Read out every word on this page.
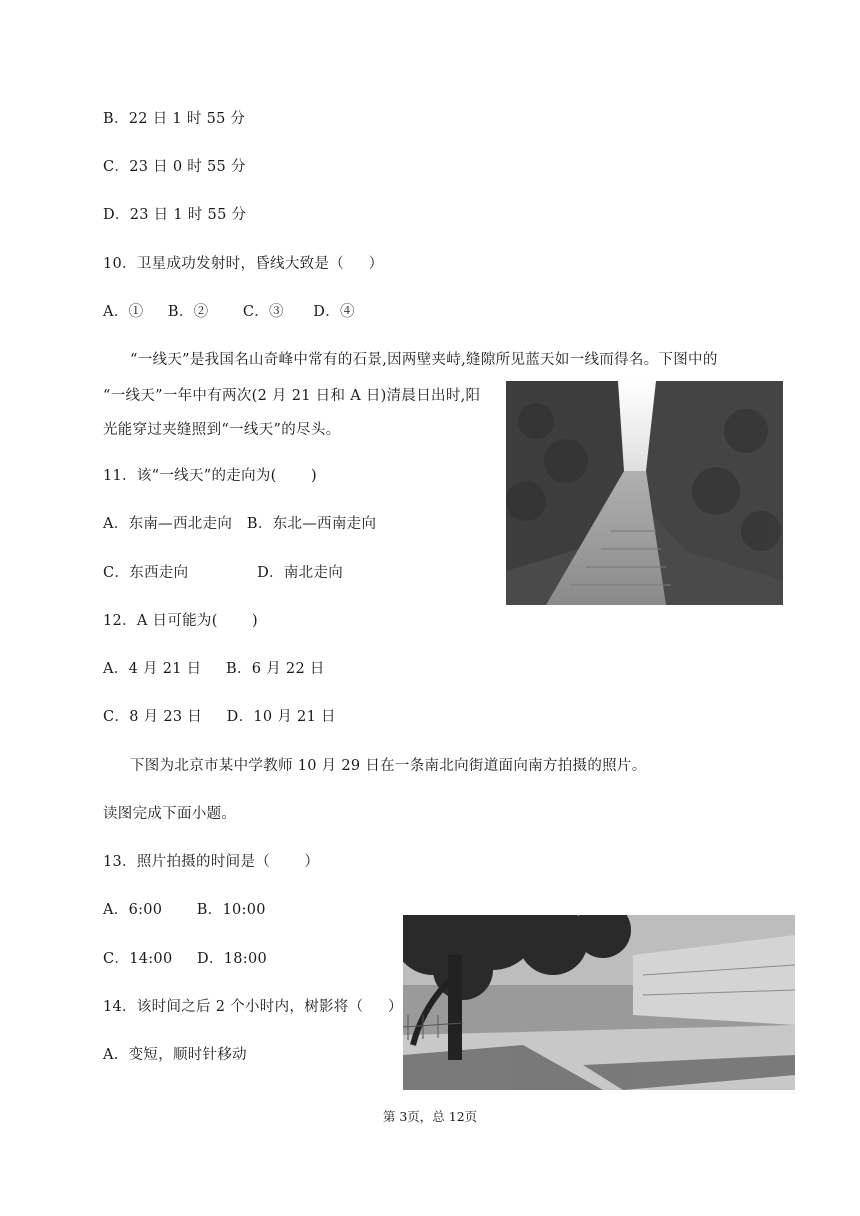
B．22 日 1 时 55 分
C．23 日 0 时 55 分
D．23 日 1 时 55 分
10．卫星成功发射时，昏线大致是（     ）
A．①     B．②       C．③      D．④
“一线天”是我国名山奇峰中常有的石景,因两壁夹峙,缝隙所见蓝天如一线而得名。下图中的
“一线天”一年中有两次(2 月 21 日和 A 日)清晨日出时,阳
光能穿过夹缝照到“一线天”的尽头。
11．该“一线天”的走向为(       )
A．东南—西北走向   B．东北—西南走向
C．东西走向              D．南北走向
12．A 日可能为(       )
A．4 月 21 日     B．6 月 22 日
C．8 月 23 日     D．10 月 21 日
下图为北京市某中学教师 10 月 29 日在一条南北向街道面向南方拍摄的照片。
读图完成下面小题。
13．照片拍摄的时间是（       ）
A．6:00       B．10:00
C．14:00     D．18:00
14．该时间之后 2 个小时内，树影将（     ）
A．变短，顺时针移动
第 3页，总 12页
